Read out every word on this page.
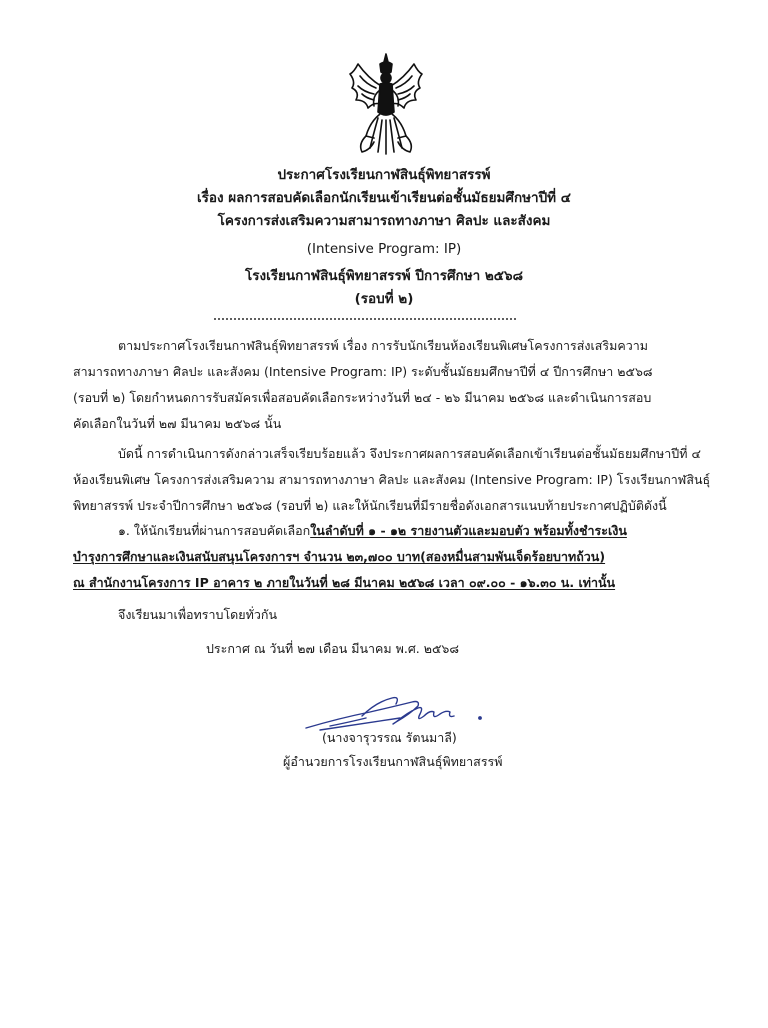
ประกาศโรงเรียนกาฬสินธุ์พิทยาสรรพ์
เรื่อง ผลการสอบคัดเลือกนักเรียนเข้าเรียนต่อชั้นมัธยมศึกษาปีที่ ๔
โครงการส่งเสริมความสามารถทางภาษา ศิลปะ และสังคม
(Intensive Program: IP)
โรงเรียนกาฬสินธุ์พิทยาสรรพ์ ปีการศึกษา ๒๕๖๘
(รอบที่ ๒)
ตามประกาศโรงเรียนกาฬสินธุ์พิทยาสรรพ์ เรื่อง การรับนักเรียนห้องเรียนพิเศษโครงการส่งเสริมความ
สามารถทางภาษา ศิลปะ และสังคม (Intensive Program: IP) ระดับชั้นมัธยมศึกษาปีที่ ๔ ปีการศึกษา ๒๕๖๘
(รอบที่ ๒) โดยกำหนดการรับสมัครเพื่อสอบคัดเลือกระหว่างวันที่ ๒๔ - ๒๖ มีนาคม ๒๕๖๘ และดำเนินการสอบ
คัดเลือกในวันที่ ๒๗ มีนาคม ๒๕๖๘ นั้น
บัดนี้ การดำเนินการดังกล่าวเสร็จเรียบร้อยแล้ว จึงประกาศผลการสอบคัดเลือกเข้าเรียนต่อชั้นมัธยมศึกษาปีที่ ๔
ห้องเรียนพิเศษ โครงการส่งเสริมความ สามารถทางภาษา ศิลปะ และสังคม (Intensive Program: IP) โรงเรียนกาฬสินธุ์
พิทยาสรรพ์ ประจำปีการศึกษา ๒๕๖๘ (รอบที่ ๒) และให้นักเรียนที่มีรายชื่อดังเอกสารแนบท้ายประกาศปฏิบัติดังนี้
๑. ให้นักเรียนที่ผ่านการสอบคัดเลือกในลำดับที่ ๑ - ๑๒ รายงานตัวและมอบตัว พร้อมทั้งชำระเงิน
บำรุงการศึกษาและเงินสนับสนุนโครงการฯ จำนวน ๒๓,๗๐๐ บาท(สองหมื่นสามพันเจ็ดร้อยบาทถ้วน)
ณ สำนักงานโครงการ IP อาคาร ๒ ภายในวันที่ ๒๘ มีนาคม ๒๕๖๘ เวลา ๐๙.๐๐ - ๑๖.๓๐ น. เท่านั้น
จึงเรียนมาเพื่อทราบโดยทั่วกัน
ประกาศ ณ วันที่ ๒๗ เดือน มีนาคม พ.ศ. ๒๕๖๘
(นางจารุวรรณ รัตนมาลี)
ผู้อำนวยการโรงเรียนกาฬสินธุ์พิทยาสรรพ์
